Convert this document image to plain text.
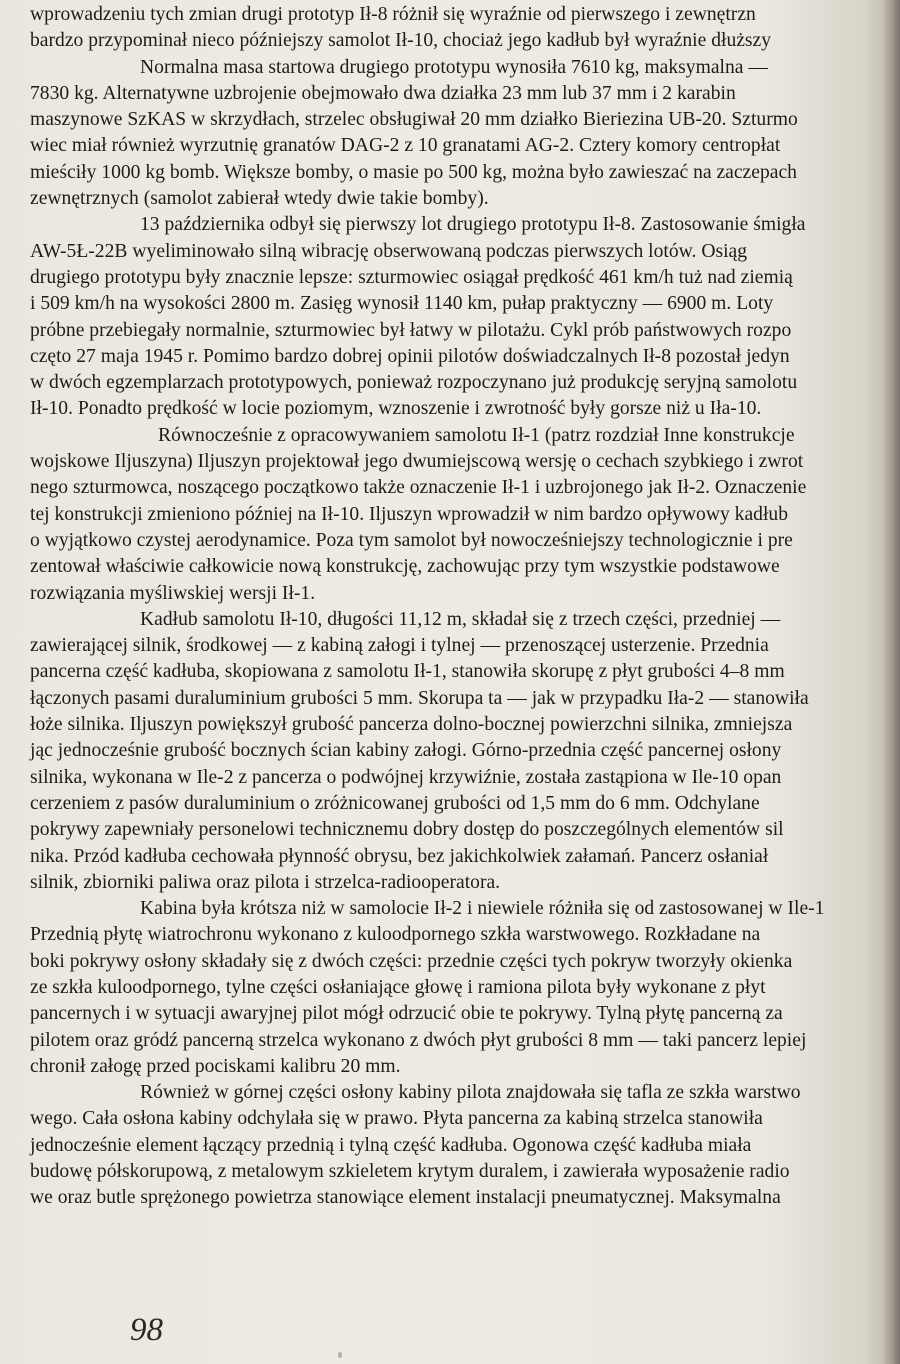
wprowadzeniu tych zmian drugi prototyp Ił-8 różnił się wyraźnie od pierwszego i zewnętrzn
bardzo przypominał nieco późniejszy samolot Ił-10, chociaż jego kadłub był wyraźnie dłuższy
Normalna masa startowa drugiego prototypu wynosiła 7610 kg, maksymalna —
7830 kg. Alternatywne uzbrojenie obejmowało dwa działka 23 mm lub 37 mm i 2 karabin
maszynowe SzKAS w skrzydłach, strzelec obsługiwał 20 mm działko Bieriezina UB-20. Szturmo
wiec miał również wyrzutnię granatów DAG-2 z 10 granatami AG-2. Cztery komory centropłat
mieściły 1000 kg bomb. Większe bomby, o masie po 500 kg, można było zawieszać na zaczepach
zewnętrznych (samolot zabierał wtedy dwie takie bomby).
13 października odbył się pierwszy lot drugiego prototypu Ił-8. Zastosowanie śmigła
AW-5Ł-22B wyeliminowało silną wibrację obserwowaną podczas pierwszych lotów. Osiąg
drugiego prototypu były znacznie lepsze: szturmowiec osiągał prędkość 461 km/h tuż nad ziemią
i 509 km/h na wysokości 2800 m. Zasięg wynosił 1140 km, pułap praktyczny — 6900 m. Loty
próbne przebiegały normalnie, szturmowiec był łatwy w pilotażu. Cykl prób państwowych rozpo
częto 27 maja 1945 r. Pomimo bardzo dobrej opinii pilotów doświadczalnych Ił-8 pozostał jedyn
w dwóch egzemplarzach prototypowych, ponieważ rozpoczynano już produkcję seryjną samolotu
Ił-10. Ponadto prędkość w locie poziomym, wznoszenie i zwrotność były gorsze niż u Iła-10.
Równocześnie z opracowywaniem samolotu Ił-1 (patrz rozdział Inne konstrukcje
wojskowe Iljuszyna) Iljuszyn projektował jego dwumiejscową wersję o cechach szybkiego i zwrot
nego szturmowca, noszącego początkowo także oznaczenie Ił-1 i uzbrojonego jak Ił-2. Oznaczenie
tej konstrukcji zmieniono później na Ił-10. Iljuszyn wprowadził w nim bardzo opływowy kadłub
o wyjątkowo czystej aerodynamice. Poza tym samolot był nowocześniejszy technologicznie i pre
zentował właściwie całkowicie nową konstrukcję, zachowując przy tym wszystkie podstawowe
rozwiązania myśliwskiej wersji Ił-1.
Kadłub samolotu Ił-10, długości 11,12 m, składał się z trzech części, przedniej —
zawierającej silnik, środkowej — z kabiną załogi i tylnej — przenoszącej usterzenie. Przednia
pancerna część kadłuba, skopiowana z samolotu Ił-1, stanowiła skorupę z płyt grubości 4–8 mm
łączonych pasami duraluminium grubości 5 mm. Skorupa ta — jak w przypadku Iła-2 — stanowiła
łoże silnika. Iljuszyn powiększył grubość pancerza dolno-bocznej powierzchni silnika, zmniejsza
jąc jednocześnie grubość bocznych ścian kabiny załogi. Górno-przednia część pancernej osłony
silnika, wykonana w Ile-2 z pancerza o podwójnej krzywiźnie, została zastąpiona w Ile-10 opan
cerzeniem z pasów duraluminium o zróżnicowanej grubości od 1,5 mm do 6 mm. Odchylane
pokrywy zapewniały personelowi technicznemu dobry dostęp do poszczególnych elementów sil
nika. Przód kadłuba cechowała płynność obrysu, bez jakichkolwiek załamań. Pancerz osłaniał
silnik, zbiorniki paliwa oraz pilota i strzelca-radiooperatora.
Kabina była krótsza niż w samolocie Ił-2 i niewiele różniła się od zastosowanej w Ile-1
Przednią płytę wiatrochronu wykonano z kuloodpornego szkła warstwowego. Rozkładane na
boki pokrywy osłony składały się z dwóch części: przednie części tych pokryw tworzyły okienka
ze szkła kuloodpornego, tylne części osłaniające głowę i ramiona pilota były wykonane z płyt
pancernych i w sytuacji awaryjnej pilot mógł odrzucić obie te pokrywy. Tylną płytę pancerną za
pilotem oraz gródź pancerną strzelca wykonano z dwóch płyt grubości 8 mm — taki pancerz lepiej
chronił załogę przed pociskami kalibru 20 mm.
Również w górnej części osłony kabiny pilota znajdowała się tafla ze szkła warstwo
wego. Cała osłona kabiny odchylała się w prawo. Płyta pancerna za kabiną strzelca stanowiła
jednocześnie element łączący przednią i tylną część kadłuba. Ogonowa część kadłuba miała
budowę półskorupową, z metalowym szkieletem krytym duralem, i zawierała wyposażenie radio
we oraz butle sprężonego powietrza stanowiące element instalacji pneumatycznej. Maksymalna
98
